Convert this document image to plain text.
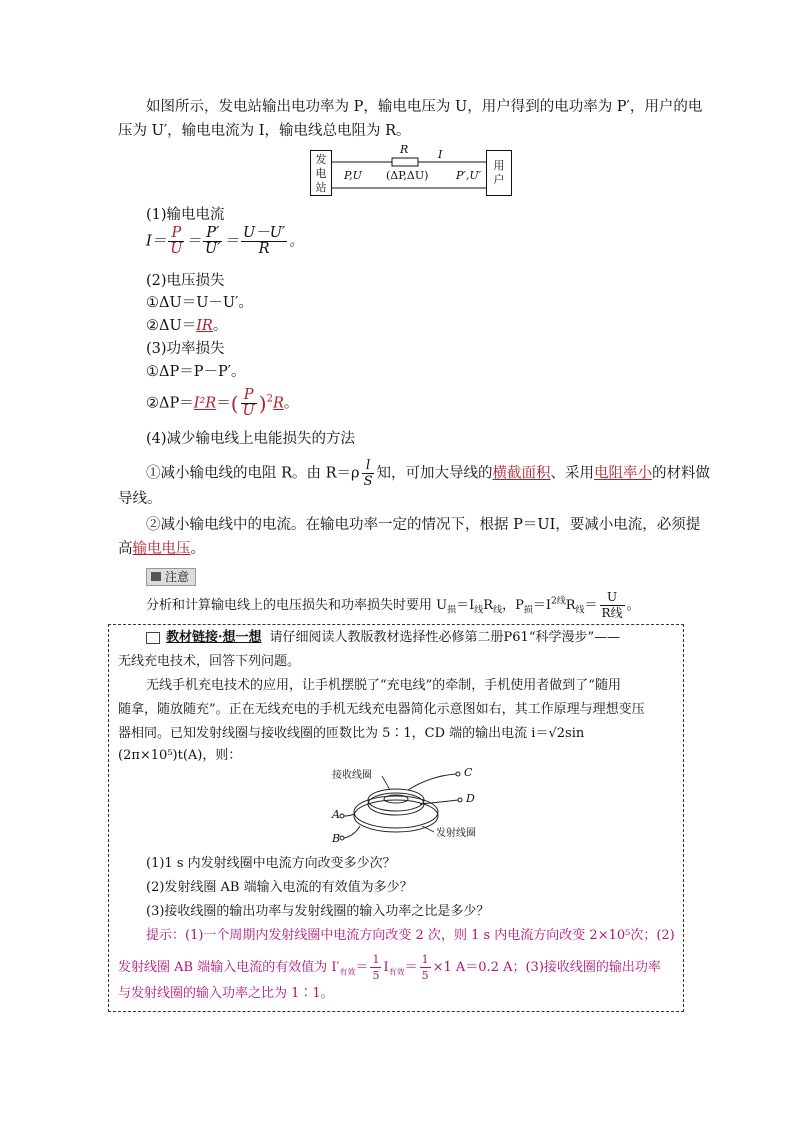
如图所示，发电站输出电功率为 P，输电电压为 U，用户得到的电功率为 P′，用户的电
压为 U′，输电电流为 I，输电线总电阻为 R。
发
电
站
用
户
R	I
P,U (ΔP,ΔU)	P′,U′
(1)输电电流
$I= \frac{P}{U} = \frac{P'}{U'} = \frac{U-U'}{R}$ 。
(2)电压损失
①ΔU＝U－U′。
②ΔU＝IR。
(3)功率损失
①ΔP＝P－P′。
②ΔP＝I²R＝( $\frac{P}{U} )^2R$。
(4)减少输电线上电能损失的方法
①减小输电线的电阻 R。由 $R=\rho \frac{l}{S}$ 知，可加大导线的横截面积、采用电阻率小的材料做
导线。
②减小输电线中的电流。在输电功率一定的情况下，根据 P＝UI，要减小电流，必须提
高输电电压。
注意
分析和计算输电线上的电压损失和功率损失时要用 $U_损=I_线R_线$，$P_损=I^{2线}R_线= \frac{U}{\text{R线}}$ 。
教材链接·想一想 请仔细阅读人教版教材选择性必修第二册P61“科学漫步”——
无线充电技术，回答下列问题。
无线手机充电技术的应用，让手机摆脱了“充电线”的牵制，手机使用者做到了“随用
随拿，随放随充”。正在无线充电的手机无线充电器简化示意图如右，其工作原理与理想变压
器相同。已知发射线圈与接收线圈的匝数比为 5∶1，CD 端的输出电流 i＝√2sin
(2π×10⁵)t(A)，则：
接收线圈
发射线圈
C
D
A
B
(1)1 s 内发射线圈中电流方向改变多少次？
(2)发射线圈 AB 端输入电流的有效值为多少？
(3)接收线圈的输出功率与发射线圈的输入功率之比是多少？
提示：(1)一个周期内发射线圈中电流方向改变 2 次，则 1 s 内电流方向改变 2×10⁵次；(2)
发射线圈 AB 端输入电流的有效值为 $I'_{有效}= \frac{1}{5} I_{有效}= \frac{1}{5} \times 1$ A＝0.2 A；(3)接收线圈的输出功率
与发射线圈的输入功率之比为 1∶1。
